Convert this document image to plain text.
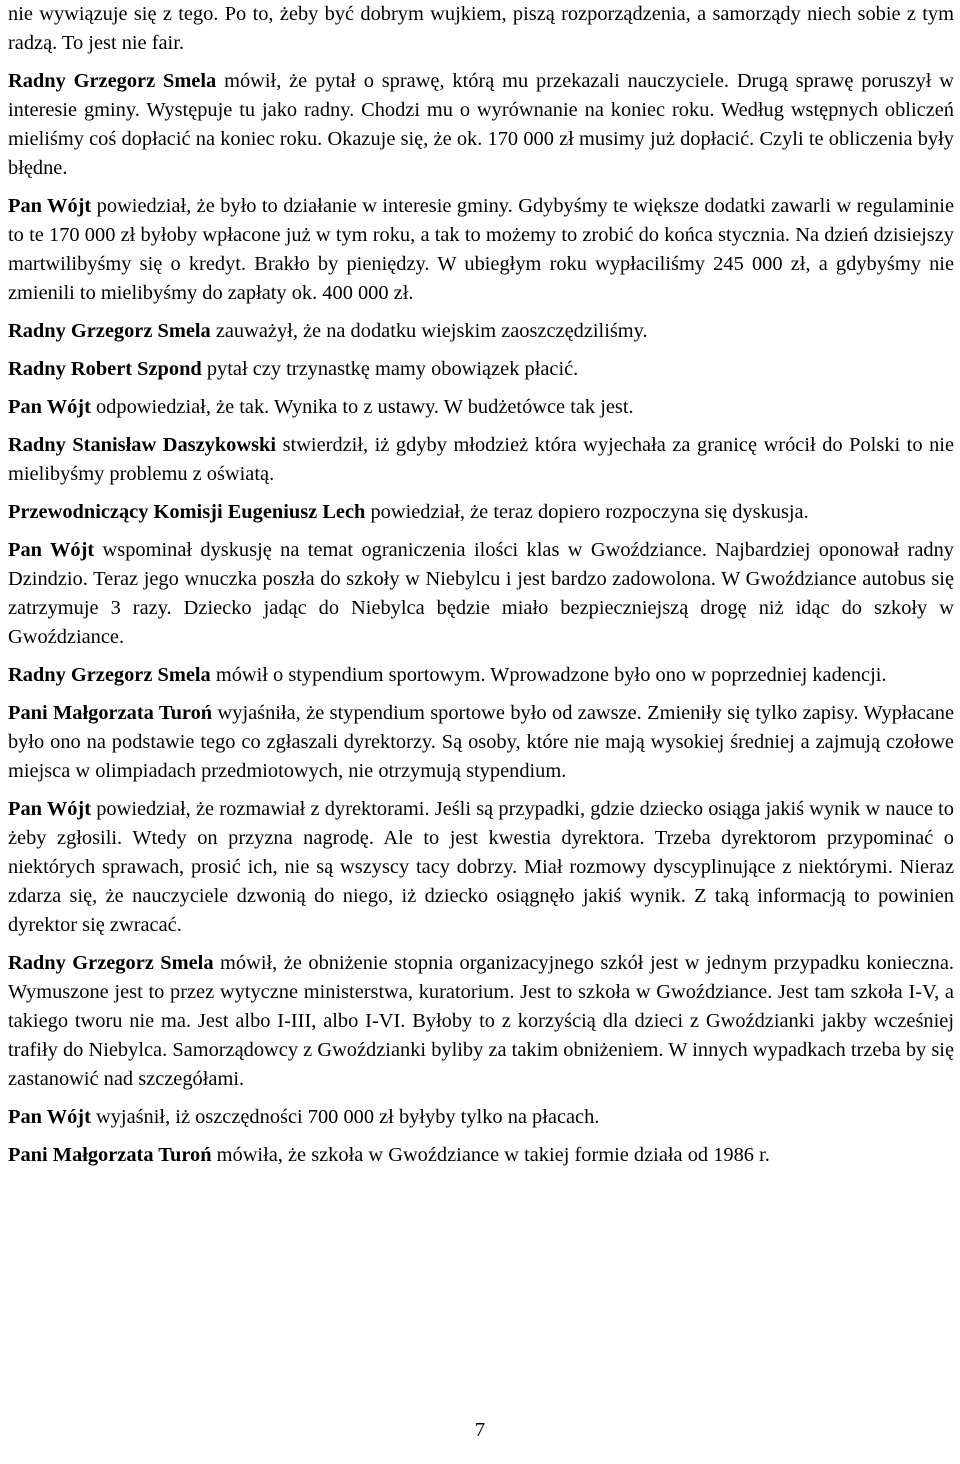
nie wywiązuje się z tego. Po to, żeby być dobrym wujkiem, piszą rozporządzenia, a samorządy niech sobie z tym radzą. To jest nie fair.

Radny Grzegorz Smela mówił, że pytał o sprawę, którą mu przekazali nauczyciele. Drugą sprawę poruszył w interesie gminy. Występuje tu jako radny. Chodzi mu o wyrównanie na koniec roku. Według wstępnych obliczeń mieliśmy coś dopłacić na koniec roku. Okazuje się, że ok. 170 000 zł musimy już dopłacić. Czyli te obliczenia były błędne.

Pan Wójt powiedział, że było to działanie w interesie gminy. Gdybyśmy te większe dodatki zawarli w regulaminie to te 170 000 zł byłoby wpłacone już w tym roku, a tak to możemy to zrobić do końca stycznia. Na dzień dzisiejszy martwilibyśmy się o kredyt. Brakło by pieniędzy. W ubiegłym roku wypłaciliśmy 245 000 zł, a gdybyśmy nie zmienili to mielibyśmy do zapłaty ok. 400 000 zł.

Radny Grzegorz Smela zauważył, że na dodatku wiejskim zaoszczędziliśmy.

Radny Robert Szpond pytał czy trzynastkę mamy obowiązek płacić.

Pan Wójt odpowiedział, że tak. Wynika to z ustawy. W budżetówce tak jest.

Radny Stanisław Daszykowski stwierdził, iż gdyby młodzież która wyjechała za granicę wrócił do Polski to nie mielibyśmy problemu z oświatą.

Przewodniczący Komisji Eugeniusz Lech powiedział, że teraz dopiero rozpoczyna się dyskusja.

Pan Wójt wspominał dyskusję na temat ograniczenia ilości klas w Gwoździance. Najbardziej oponował radny Dzindzio. Teraz jego wnuczka poszła do szkoły w Niebylcu i jest bardzo zadowolona. W Gwoździance autobus się zatrzymuje 3 razy. Dziecko jadąc do Niebylca będzie miało bezpieczniejszą drogę niż idąc do szkoły w Gwoździance.

Radny Grzegorz Smela mówił o stypendium sportowym. Wprowadzone było ono w poprzedniej kadencji.

Pani Małgorzata Turoń wyjaśniła, że stypendium sportowe było od zawsze. Zmieniły się tylko zapisy. Wypłacane było ono na podstawie tego co zgłaszali dyrektorzy. Są osoby, które nie mają wysokiej średniej a zajmują czołowe miejsca w olimpiadach przedmiotowych, nie otrzymują stypendium.

Pan Wójt powiedział, że rozmawiał z dyrektorami. Jeśli są przypadki, gdzie dziecko osiąga jakiś wynik w nauce to żeby zgłosili. Wtedy on przyzna nagrodę. Ale to jest kwestia dyrektora. Trzeba dyrektorom przypominać o niektórych sprawach, prosić ich, nie są wszyscy tacy dobrzy. Miał rozmowy dyscyplinujące z niektórymi. Nieraz zdarza się, że nauczyciele dzwonią do niego, iż dziecko osiągnęło jakiś wynik. Z taką informacją to powinien dyrektor się zwracać.

Radny Grzegorz Smela mówił, że obniżenie stopnia organizacyjnego szkół jest w jednym przypadku konieczna. Wymuszone jest to przez wytyczne ministerstwa, kuratorium. Jest to szkoła w Gwoździance. Jest tam szkoła I-V, a takiego tworu nie ma. Jest albo I-III, albo I-VI. Byłoby to z korzyścią dla dzieci z Gwoździanki jakby wcześniej trafiły do Niebylca. Samorządowcy z Gwoździanki byliby za takim obniżeniem. W innych wypadkach trzeba by się zastanowić nad szczegółami.

Pan Wójt wyjaśnił, iż oszczędności 700 000 zł byłyby tylko na płacach.

Pani Małgorzata Turoń mówiła, że szkoła w Gwoździance w takiej formie działa od 1986 r.

7
